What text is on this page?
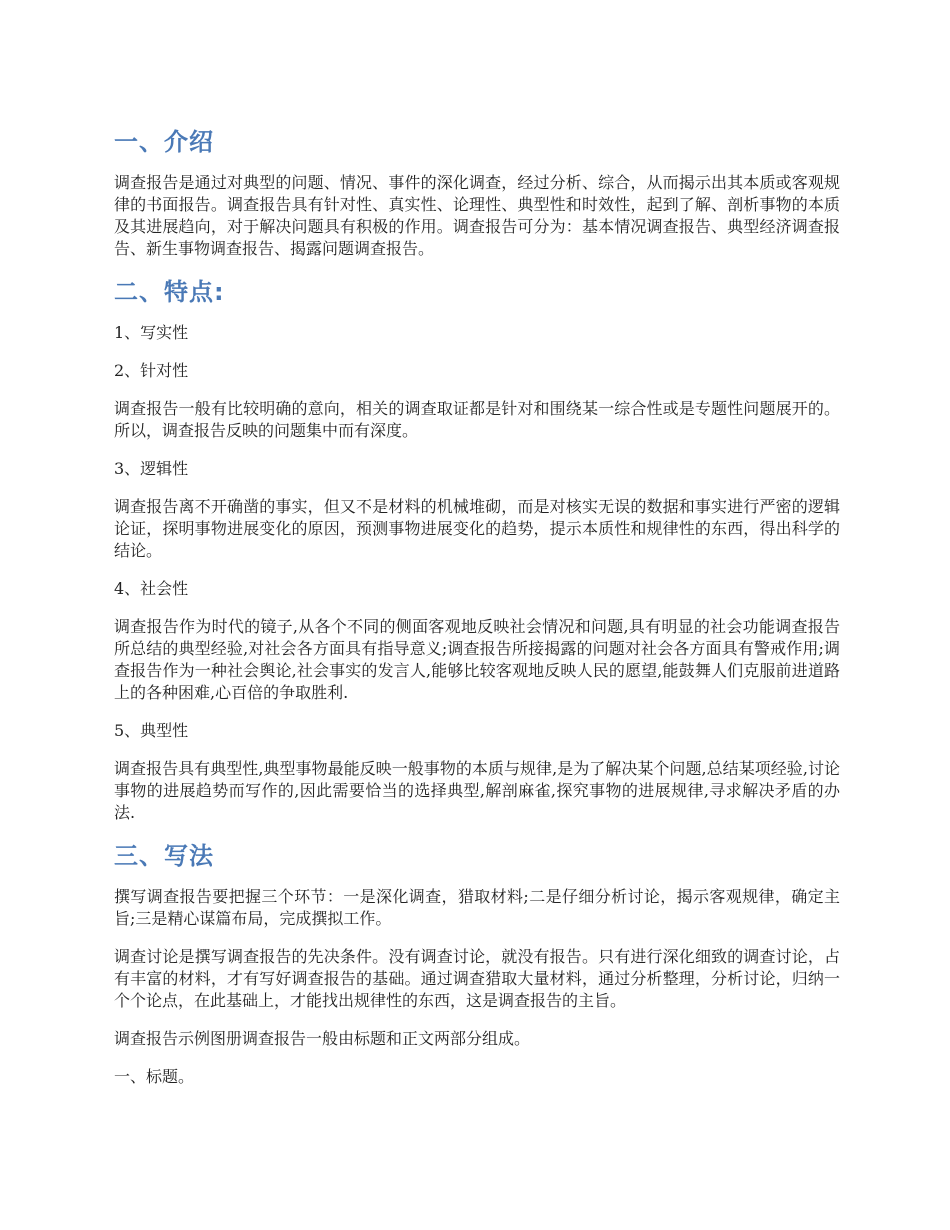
一、介绍

调查报告是通过对典型的问题、情况、事件的深化调查，经过分析、综合，从而揭示出其本质或客观规律的书面报告。调查报告具有针对性、真实性、论理性、典型性和时效性，起到了解、剖析事物的本质及其进展趋向，对于解决问题具有积极的作用。调查报告可分为：基本情况调查报告、典型经济调查报告、新生事物调查报告、揭露问题调查报告。

二、特点:

1、写实性

2、针对性

调查报告一般有比较明确的意向，相关的调查取证都是针对和围绕某一综合性或是专题性问题展开的。所以，调查报告反映的问题集中而有深度。

3、逻辑性

调查报告离不开确凿的事实，但又不是材料的机械堆砌，而是对核实无误的数据和事实进行严密的逻辑论证，探明事物进展变化的原因，预测事物进展变化的趋势，提示本质性和规律性的东西，得出科学的结论。

4、社会性

调查报告作为时代的镜子,从各个不同的侧面客观地反映社会情况和问题,具有明显的社会功能调查报告所总结的典型经验,对社会各方面具有指导意义;调查报告所接揭露的问题对社会各方面具有警戒作用;调查报告作为一种社会舆论,社会事实的发言人,能够比较客观地反映人民的愿望,能鼓舞人们克服前进道路上的各种困难,心百倍的争取胜利.

5、典型性

调查报告具有典型性,典型事物最能反映一般事物的本质与规律,是为了解决某个问题,总结某项经验,讨论事物的进展趋势而写作的,因此需要恰当的选择典型,解剖麻雀,探究事物的进展规律,寻求解决矛盾的办法.

三、写法

撰写调查报告要把握三个环节：一是深化调查，猎取材料;二是仔细分析讨论，揭示客观规律，确定主旨;三是精心谋篇布局，完成撰拟工作。

调查讨论是撰写调查报告的先决条件。没有调查讨论，就没有报告。只有进行深化细致的调查讨论，占有丰富的材料，才有写好调查报告的基础。通过调查猎取大量材料，通过分析整理，分析讨论，归纳一个个论点，在此基础上，才能找出规律性的东西，这是调查报告的主旨。

调查报告示例图册调查报告一般由标题和正文两部分组成。

一、标题。
